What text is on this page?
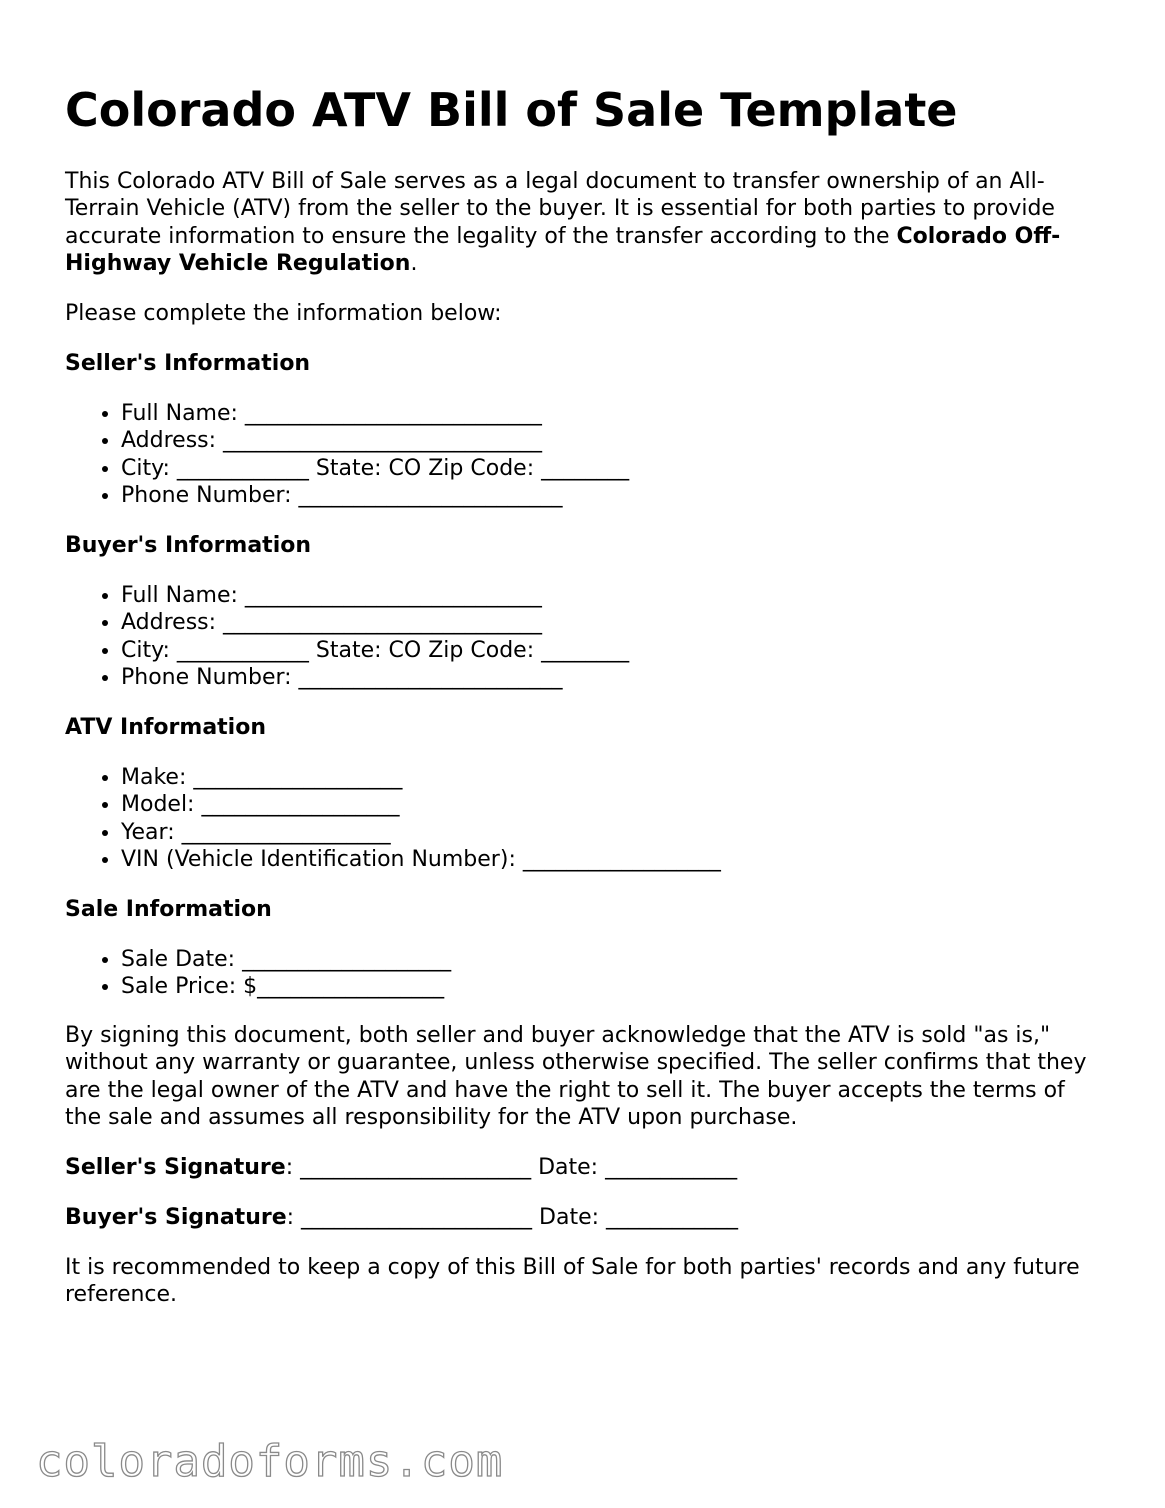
Colorado ATV Bill of Sale Template

This Colorado ATV Bill of Sale serves as a legal document to transfer ownership of an All-Terrain Vehicle (ATV) from the seller to the buyer. It is essential for both parties to provide accurate information to ensure the legality of the transfer according to the Colorado Off-Highway Vehicle Regulation.

Please complete the information below:

Seller's Information
• Full Name: ___________________________
• Address: _____________________________
• City: ____________ State: CO Zip Code: ________
• Phone Number: ________________________
Buyer's Information
• Full Name: ___________________________
• Address: _____________________________
• City: ____________ State: CO Zip Code: ________
• Phone Number: ________________________
ATV Information
• Make: ___________________
• Model: __________________
• Year: ___________________
• VIN (Vehicle Identification Number): __________________
Sale Information
• Sale Date: ___________________
• Sale Price: $_________________

By signing this document, both seller and buyer acknowledge that the ATV is sold "as is," without any warranty or guarantee, unless otherwise specified. The seller confirms that they are the legal owner of the ATV and have the right to sell it. The buyer accepts the terms of the sale and assumes all responsibility for the ATV upon purchase.

Seller's Signature: _____________________ Date: ____________
Buyer's Signature: _____________________ Date: ____________

It is recommended to keep a copy of this Bill of Sale for both parties' records and any future reference.

coloradoforms.com
